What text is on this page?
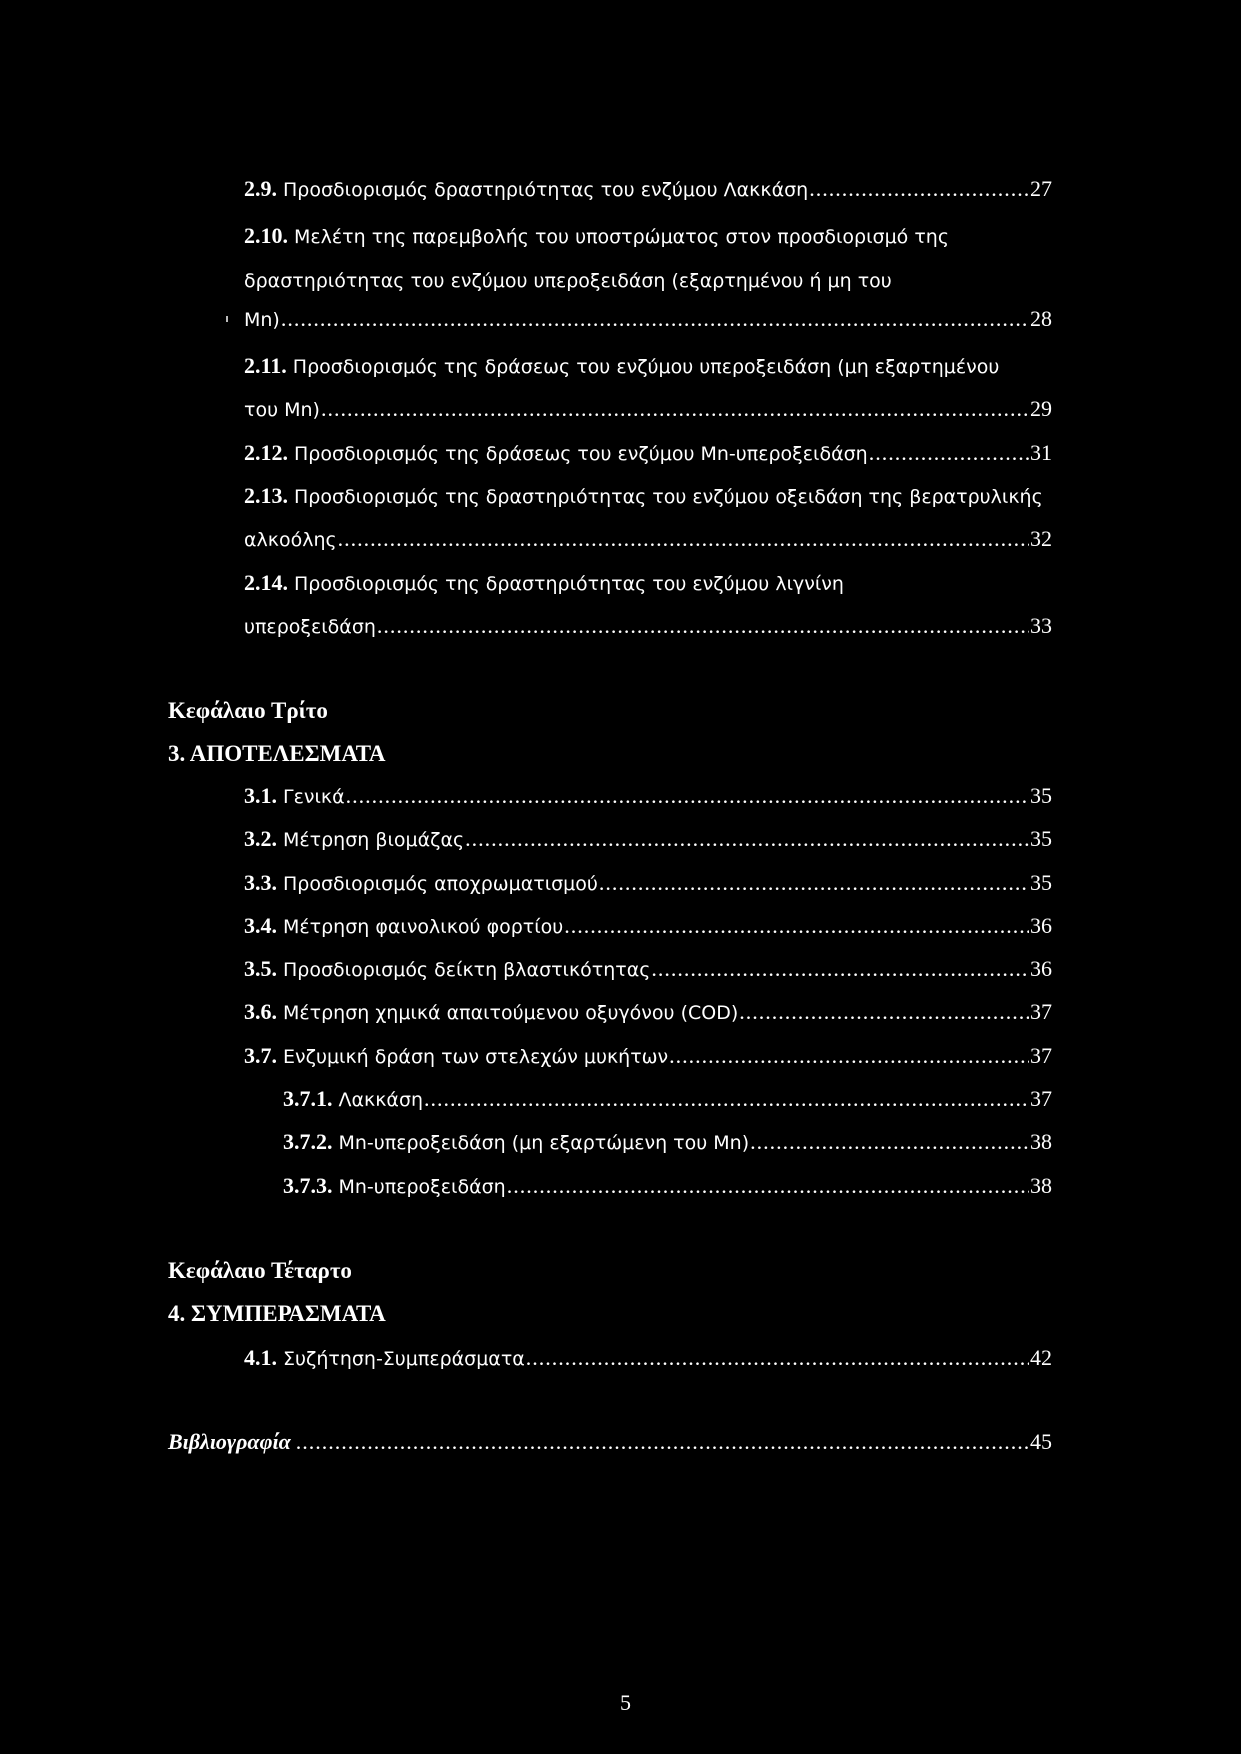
2.9. Προσδιορισμός δραστηριότητας του ενζύμου Λακκάση .....	27
2.10. Μελέτη της παρεμβολής του υποστρώματος στον προσδιορισμό της
δραστηριότητας του ενζύμου υπεροξειδάση (εξαρτημένου ή μη του
Mn) .....	28
2.11. Προσδιορισμός της δράσεως του ενζύμου υπεροξειδάση (μη εξαρτημένου
του Mn) .....	29
2.12. Προσδιορισμός της δράσεως του ενζύμου Mn-υπεροξειδάση .....	31
2.13. Προσδιορισμός της δραστηριότητας του ενζύμου οξειδάση της βερατρυλικής
αλκοόλης .....	32
2.14. Προσδιορισμός της δραστηριότητας του ενζύμου λιγνίνη
υπεροξειδάση .....	33
Κεφάλαιο Τρίτο
3. ΑΠΟΤΕΛΕΣΜΑΤΑ
3.1. Γενικά .....	35
3.2. Μέτρηση βιομάζας .....	35
3.3. Προσδιορισμός αποχρωματισμού .....	35
3.4. Μέτρηση φαινολικού φορτίου .....	36
3.5. Προσδιορισμός δείκτη βλαστικότητας .....	36
3.6. Μέτρηση χημικά απαιτούμενου οξυγόνου (COD) .....	37
3.7. Ενζυμική δράση των στελεχών μυκήτων .....	37
3.7.1. Λακκάση .....	37
3.7.2. Mn-υπεροξειδάση (μη εξαρτώμενη του Mn) .....	38
3.7.3. Mn-υπεροξειδάση .....	38
Κεφάλαιο Τέταρτο
4. ΣΥΜΠΕΡΑΣΜΑΤΑ
4.1. Συζήτηση-Συμπεράσματα .....	42
Βιβλιογραφία .....	45
5
